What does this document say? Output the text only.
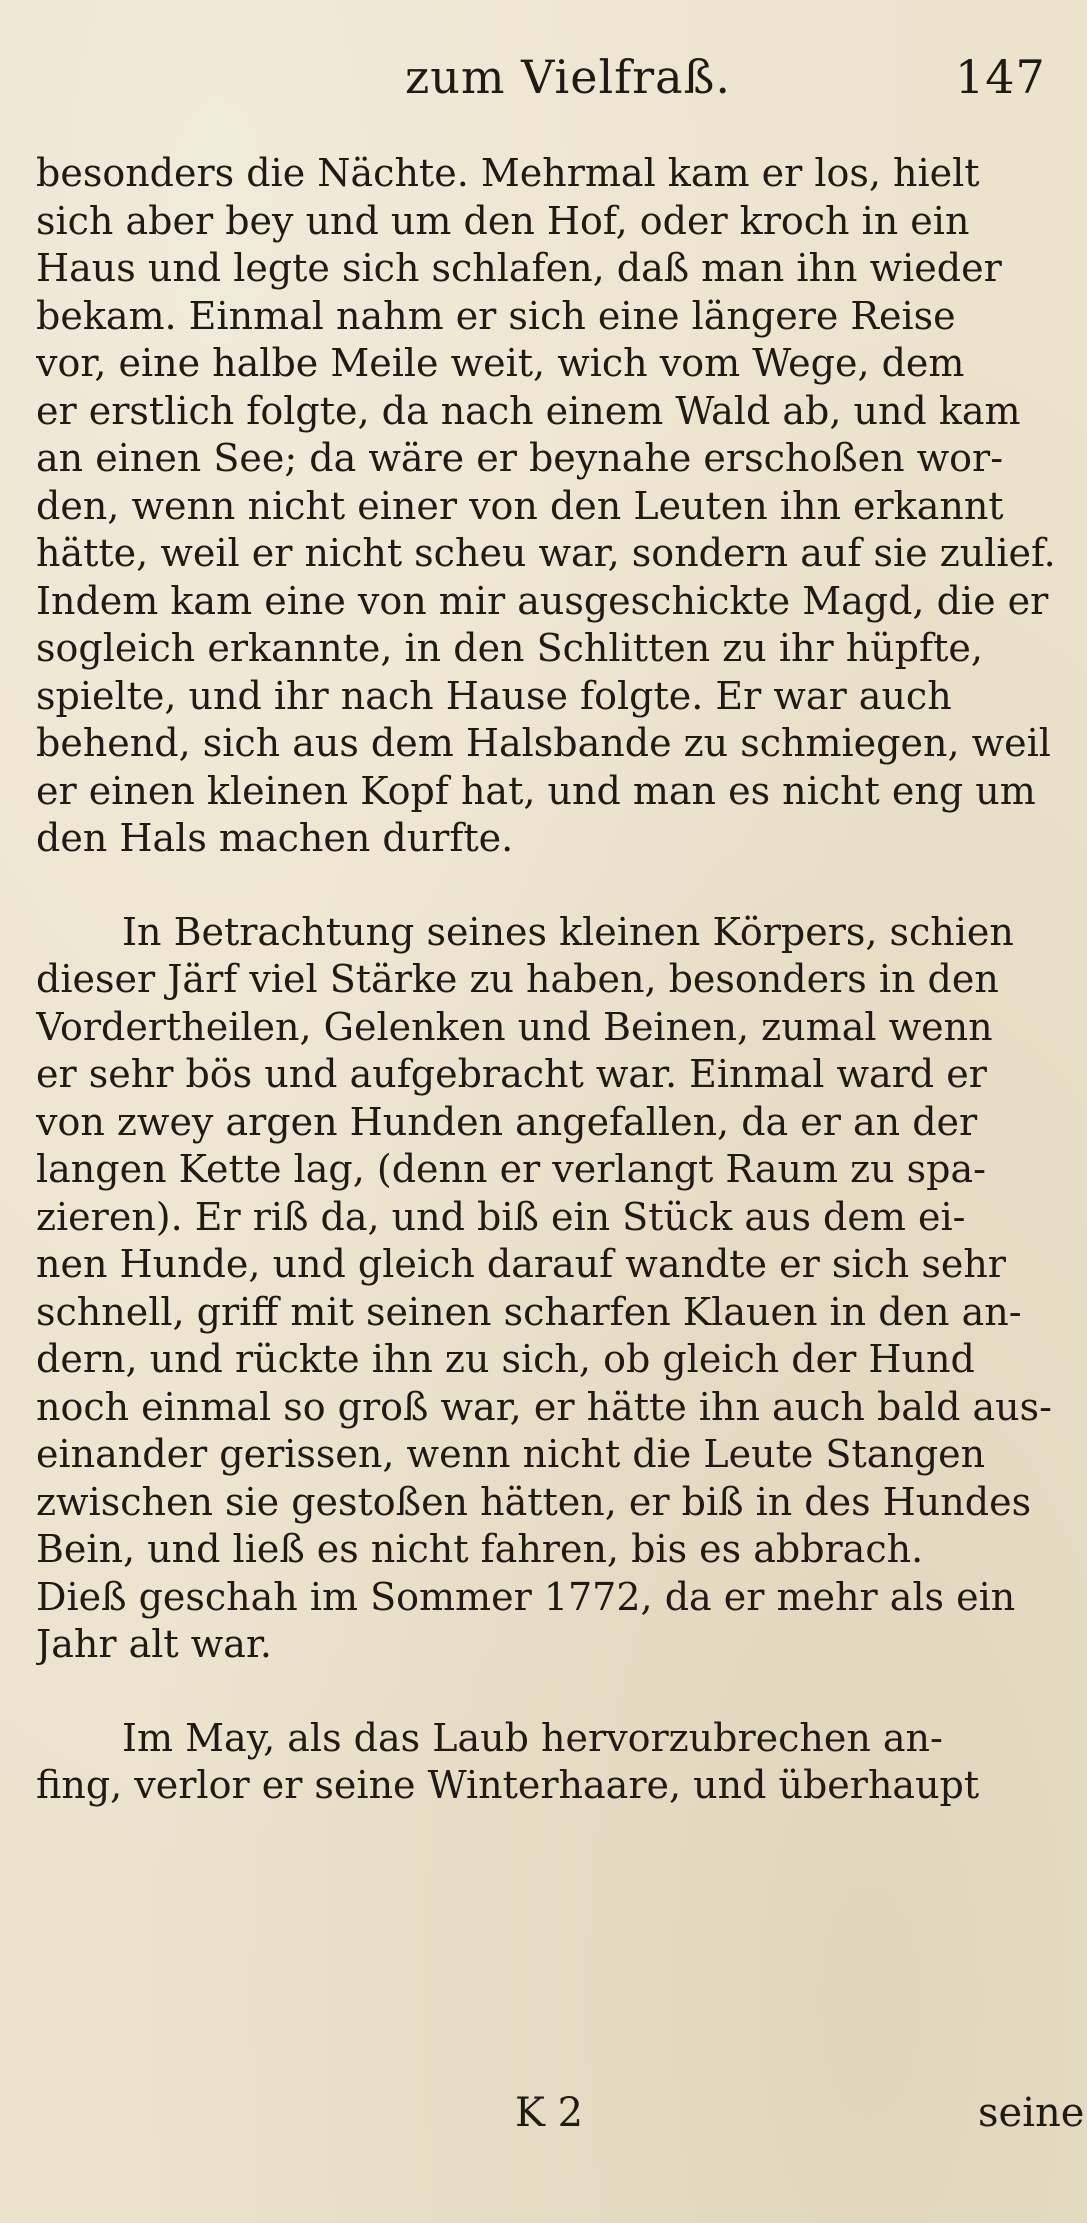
zum Vielfraß.	147
besonders die Nächte. Mehrmal kam er los, hielt
sich aber bey und um den Hof, oder kroch in ein
Haus und legte sich schlafen, daß man ihn wieder
bekam. Einmal nahm er sich eine längere Reise
vor, eine halbe Meile weit, wich vom Wege, dem
er erstlich folgte, da nach einem Wald ab, und kam
an einen See; da wäre er beynahe erschoßen wor-
den, wenn nicht einer von den Leuten ihn erkannt
hätte, weil er nicht scheu war, sondern auf sie zulief.
Indem kam eine von mir ausgeschickte Magd, die er
sogleich erkannte, in den Schlitten zu ihr hüpfte,
spielte, und ihr nach Hause folgte. Er war auch
behend, sich aus dem Halsbande zu schmiegen, weil
er einen kleinen Kopf hat, und man es nicht eng um
den Hals machen durfte.
In Betrachtung seines kleinen Körpers, schien
dieser Järf viel Stärke zu haben, besonders in den
Vordertheilen, Gelenken und Beinen, zumal wenn
er sehr bös und aufgebracht war. Einmal ward er
von zwey argen Hunden angefallen, da er an der
langen Kette lag, (denn er verlangt Raum zu spa-
zieren). Er riß da, und biß ein Stück aus dem ei-
nen Hunde, und gleich darauf wandte er sich sehr
schnell, griff mit seinen scharfen Klauen in den an-
dern, und rückte ihn zu sich, ob gleich der Hund
noch einmal so groß war, er hätte ihn auch bald aus-
einander gerissen, wenn nicht die Leute Stangen
zwischen sie gestoßen hätten, er biß in des Hundes
Bein, und ließ es nicht fahren, bis es abbrach.
Dieß geschah im Sommer 1772, da er mehr als ein
Jahr alt war.
Im May, als das Laub hervorzubrechen an-
fing, verlor er seine Winterhaare, und überhaupt
K 2	seine
